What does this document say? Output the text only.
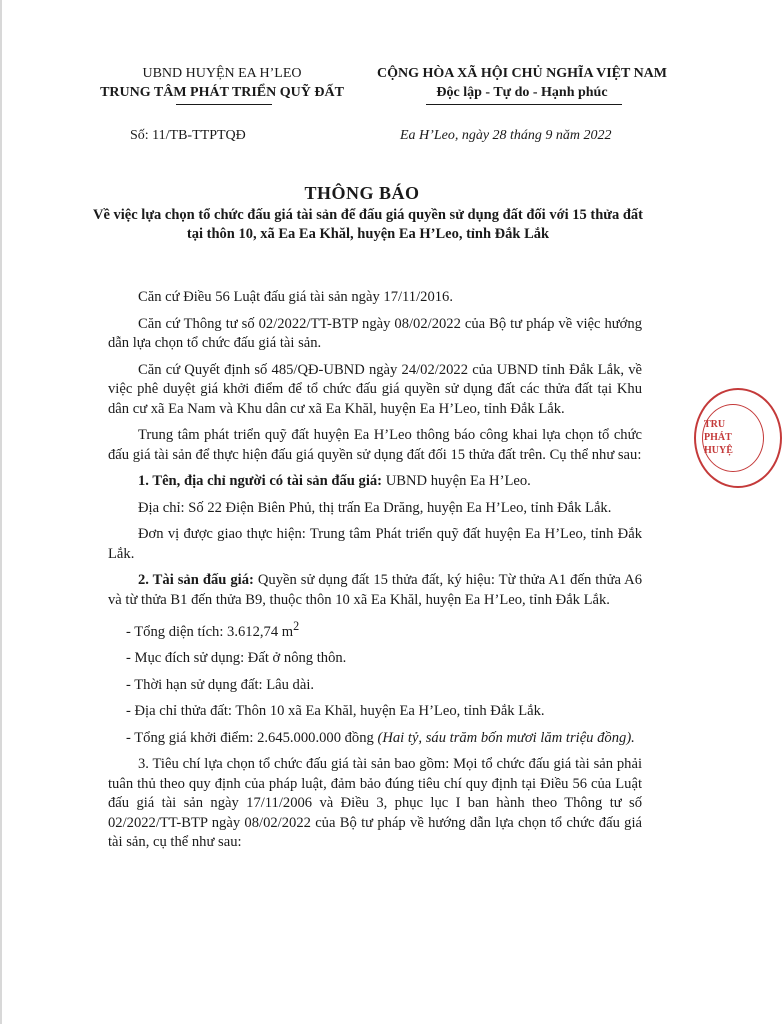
UBND HUYỆN EA H’LEO
TRUNG TÂM PHÁT TRIỂN QUỸ ĐẤT
CỘNG HÒA XÃ HỘI CHỦ NGHĨA VIỆT NAM
Độc lập - Tự do - Hạnh phúc
Số: 11/TB-TTPTQĐ	Ea H’Leo, ngày 28 tháng 9 năm 2022
THÔNG BÁO
Về việc lựa chọn tổ chức đấu giá tài sản để đấu giá quyền sử dụng đất đối với 15 thửa đất tại thôn 10, xã Ea Ea Khăl, huyện Ea H’Leo, tỉnh Đắk Lắk

Căn cứ Điều 56 Luật đấu giá tài sản ngày 17/11/2016.

Căn cứ Thông tư số 02/2022/TT-BTP ngày 08/02/2022 của Bộ tư pháp về việc hướng dẫn lựa chọn tổ chức đấu giá tài sản.

Căn cứ Quyết định số 485/QĐ-UBND ngày 24/02/2022 của UBND tỉnh Đắk Lắk, về việc phê duyệt giá khởi điểm để tổ chức đấu giá quyền sử dụng đất các thửa đất tại Khu dân cư xã Ea Nam và Khu dân cư xã Ea Khăl, huyện Ea H’Leo, tỉnh Đắk Lắk.

Trung tâm phát triển quỹ đất huyện Ea H’Leo thông báo công khai lựa chọn tổ chức đấu giá tài sản để thực hiện đấu giá quyền sử dụng đất đối 15 thửa đất trên. Cụ thể như sau:

1. Tên, địa chỉ người có tài sản đấu giá: UBND huyện Ea H’Leo.

Địa chỉ: Số 22 Điện Biên Phủ, thị trấn Ea Drăng, huyện Ea H’Leo, tỉnh Đắk Lắk.

Đơn vị được giao thực hiện: Trung tâm Phát triển quỹ đất huyện Ea H’Leo, tỉnh Đắk Lắk.

2. Tài sản đấu giá: Quyền sử dụng đất 15 thửa đất, ký hiệu: Từ thửa A1 đến thửa A6 và từ thửa B1 đến thửa B9, thuộc thôn 10 xã Ea Khăl, huyện Ea H’Leo, tỉnh Đắk Lắk.

- Tổng diện tích: 3.612,74 $m^2$

- Mục đích sử dụng: Đất ở nông thôn.

- Thời hạn sử dụng đất: Lâu dài.

- Địa chỉ thửa đất: Thôn 10 xã Ea Khăl, huyện Ea H’Leo, tỉnh Đắk Lắk.

- Tổng giá khởi điểm: 2.645.000.000 đồng (Hai tỷ, sáu trăm bốn mươi lăm triệu đồng).

3. Tiêu chí lựa chọn tổ chức đấu giá tài sản bao gồm: Mọi tổ chức đấu giá tài sản phải tuân thủ theo quy định của pháp luật, đảm bảo đúng tiêu chí quy định tại Điều 56 của Luật đấu giá tài sản ngày 17/11/2006 và Điều 3, phục lục I ban hành theo Thông tư số 02/2022/TT-BTP ngày 08/02/2022 của Bộ tư pháp về hướng dẫn lựa chọn tổ chức đấu giá tài sản, cụ thể như sau:

TRU PHÁT HUYỆ
